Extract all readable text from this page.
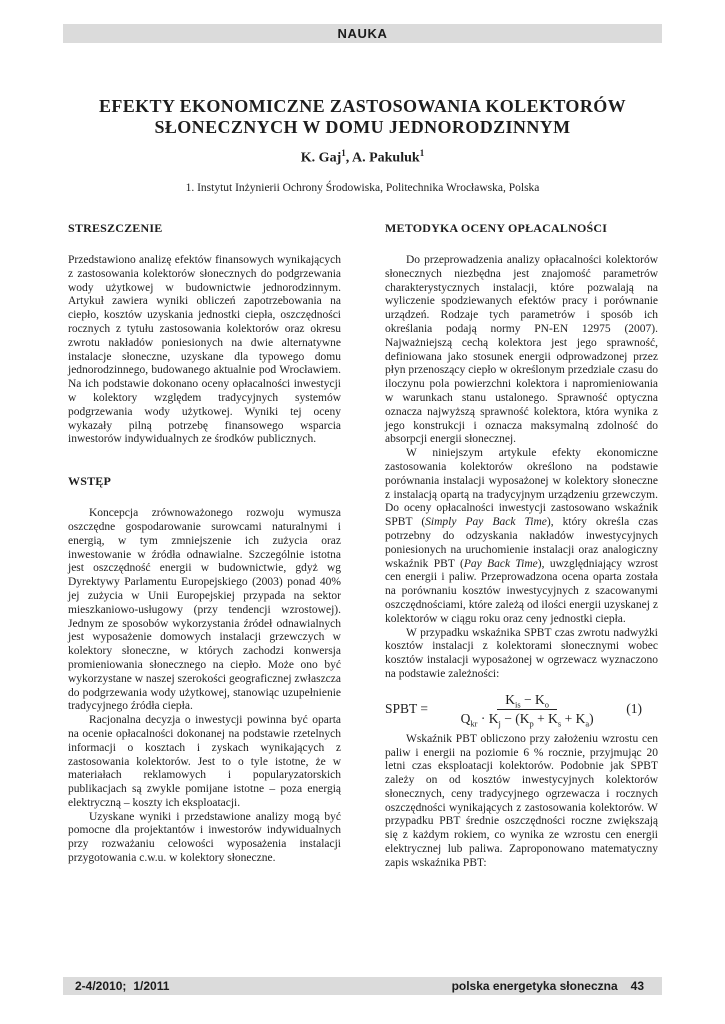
NAUKA
EFEKTY EKONOMICZNE ZASTOSOWANIA KOLEKTORÓW
SŁONECZNYCH W DOMU JEDNORODZINNYM
K. Gaj$^1$, A. Pakuluk$^1$
1. Instytut Inżynierii Ochrony Środowiska, Politechnika Wrocławska, Polska
STRESZCZENIE

Przedstawiono analizę efektów finansowych wynikających z zastosowania kolektorów słonecznych do podgrzewania wody użytkowej w budownictwie jednorodzinnym. Artykuł zawiera wyniki obliczeń zapotrzebowania na ciepło, kosztów uzyskania jednostki ciepła, oszczędności rocznych z tytułu zastosowania kolektorów oraz okresu zwrotu nakładów poniesionych na dwie alternatywne instalacje słoneczne, uzyskane dla typowego domu jednorodzinnego, budowanego aktualnie pod Wrocławiem. Na ich podstawie dokonano oceny opłacalności inwestycji w kolektory względem tradycyjnych systemów podgrzewania wody użytkowej. Wyniki tej oceny wykazały pilną potrzebę finansowego wsparcia inwestorów indywidualnych ze środków publicznych.

WSTĘP

Koncepcja zrównoważonego rozwoju wymusza oszczędne gospodarowanie surowcami naturalnymi i energią, w tym zmniejszenie ich zużycia oraz inwestowanie w źródła odnawialne. Szczególnie istotna jest oszczędność energii w budownictwie, gdyż wg Dyrektywy Parlamentu Europejskiego (2003) ponad 40% jej zużycia w Unii Europejskiej przypada na sektor mieszkaniowo-usługowy (przy tendencji wzrostowej). Jednym ze sposobów wykorzystania źródeł odnawialnych jest wyposażenie domowych instalacji grzewczych w kolektory słoneczne, w których zachodzi konwersja promieniowania słonecznego na ciepło. Może ono być wykorzystane w naszej szerokości geograficznej zwłaszcza do podgrzewania wody użytkowej, stanowiąc uzupełnienie tradycyjnego źródła ciepła.

Racjonalna decyzja o inwestycji powinna być oparta na ocenie opłacalności dokonanej na podstawie rzetelnych informacji o kosztach i zyskach wynikających z zastosowania kolektorów. Jest to o tyle istotne, że w materiałach reklamowych i popularyzatorskich publikacjach są zwykle pomijane istotne – poza energią elektryczną – koszty ich eksploatacji.

Uzyskane wyniki i przedstawione analizy mogą być pomocne dla projektantów i inwestorów indywidualnych przy rozważaniu celowości wyposażenia instalacji przygotowania c.w.u. w kolektory słoneczne.

METODYKA OCENY OPŁACALNOŚCI

Do przeprowadzenia analizy opłacalności kolektorów słonecznych niezbędna jest znajomość parametrów charakterystycznych instalacji, które pozwalają na wyliczenie spodziewanych efektów pracy i porównanie urządzeń. Rodzaje tych parametrów i sposób ich określania podają normy PN-EN 12975 (2007). Najważniejszą cechą kolektora jest jego sprawność, definiowana jako stosunek energii odprowadzonej przez płyn przenoszący ciepło w określonym przedziale czasu do iloczynu pola powierzchni kolektora i napromieniowania w warunkach stanu ustalonego. Sprawność optyczna oznacza najwyższą sprawność kolektora, która wynika z jego konstrukcji i oznacza maksymalną zdolność do absorpcji energii słonecznej.

W niniejszym artykule efekty ekonomiczne zastosowania kolektorów określono na podstawie porównania instalacji wyposażonej w kolektory słoneczne z instalacją opartą na tradycyjnym urządzeniu grzewczym. Do oceny opłacalności inwestycji zastosowano wskaźnik SPBT (Simply Pay Back Time), który określa czas potrzebny do odzyskania nakładów inwestycyjnych poniesionych na uruchomienie instalacji oraz analogiczny wskaźnik PBT (Pay Back Time), uwzględniający wzrost cen energii i paliw. Przeprowadzona ocena oparta została na porównaniu kosztów inwestycyjnych z szacowanymi oszczędnościami, które zależą od ilości energii uzyskanej z kolektorów w ciągu roku oraz ceny jednostki ciepła.

W przypadku wskaźnika SPBT czas zwrotu nadwyżki kosztów instalacji z kolektorami słonecznymi wobec kosztów instalacji wyposażonej w ogrzewacz wyznaczono na podstawie zależności:

SPBT = $\frac{K_{is} - K_o}{Q_{kr} \cdot K_j - (K_p + K_s + K_a)} (1)$

Wskaźnik PBT obliczono przy założeniu wzrostu cen paliw i energii na poziomie 6 % rocznie, przyjmując 20 letni czas eksploatacji kolektorów. Podobnie jak SPBT zależy on od kosztów inwestycyjnych kolektorów słonecznych, ceny tradycyjnego ogrzewacza i rocznych oszczędności wynikających z zastosowania kolektorów. W przypadku PBT średnie oszczędności roczne zwiększają się z każdym rokiem, co wynika ze wzrostu cen energii elektrycznej lub paliwa. Zaproponowano matematyczny zapis wskaźnika PBT:

2-4/2010; 1/2011	polska energetyka słoneczna 43
